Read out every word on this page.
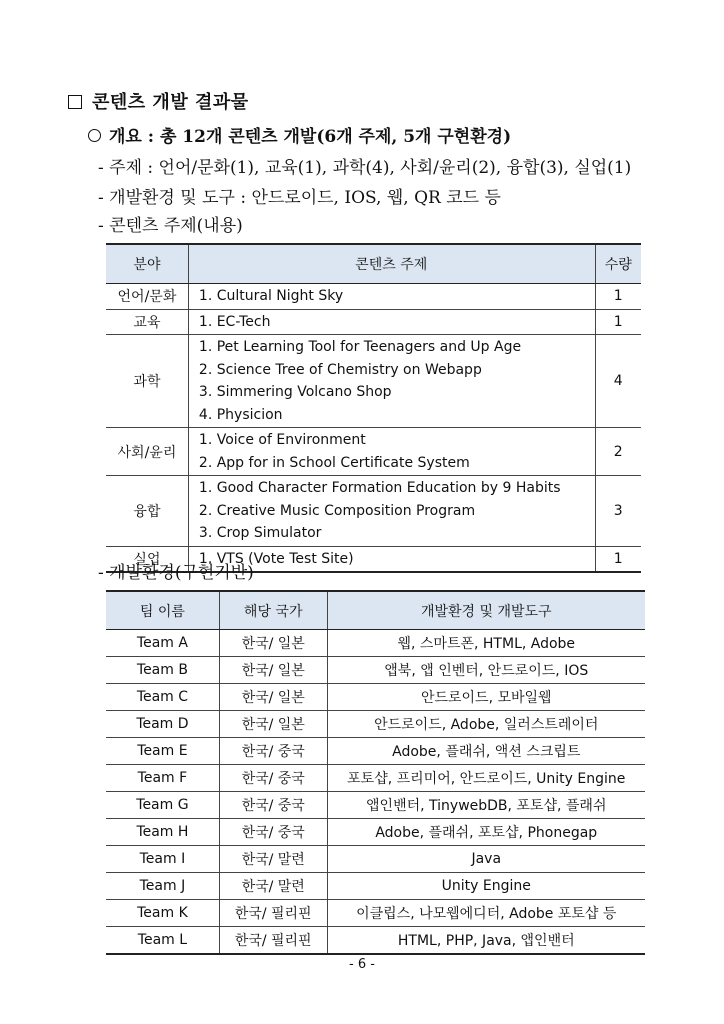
콘텐츠 개발 결과물
개요 : 총 12개 콘텐츠 개발(6개 주제, 5개 구현환경)
- 주제 : 언어/문화(1), 교육(1), 과학(4), 사회/윤리(2), 융합(3), 실업(1)
- 개발환경 및 도구 : 안드로이드, IOS, 웹, QR 코드 등
- 콘텐츠 주제(내용)
분야	콘텐츠 주제	수량
언어/문화	1. Cultural Night Sky	1
교육	1. EC-Tech	1
과학	1. Pet Learning Tool for Teenagers and Up Age
2. Science Tree of Chemistry on Webapp
3. Simmering Volcano Shop
4. Physicion	4
사회/윤리	1. Voice of Environment
2. App for in School Certificate System	2
융합	1. Good Character Formation Education by 9 Habits
2. Creative Music Composition Program
3. Crop Simulator	3
실업	1. VTS (Vote Test Site)	1
- 개발환경(구현기반)
팀 이름	해당 국가	개발환경 및 개발도구
Team A	한국/ 일본	웹, 스마트폰, HTML, Adobe
Team B	한국/ 일본	앱북, 앱 인벤터, 안드로이드, IOS
Team C	한국/ 일본	안드로이드, 모바일웹
Team D	한국/ 일본	안드로이드, Adobe, 일러스트레이터
Team E	한국/ 중국	Adobe, 플래쉬, 액션 스크립트
Team F	한국/ 중국	포토샵, 프리미어, 안드로이드, Unity Engine
Team G	한국/ 중국	앱인밴터, TinywebDB, 포토샵, 플래쉬
Team H	한국/ 중국	Adobe, 플래쉬, 포토샵, Phonegap
Team I	한국/ 말련	Java
Team J	한국/ 말련	Unity Engine
Team K	한국/ 필리핀	이클립스, 나모웹에디터, Adobe 포토샵 등
Team L	한국/ 필리핀	HTML, PHP, Java, 앱인밴터
- 6 -
